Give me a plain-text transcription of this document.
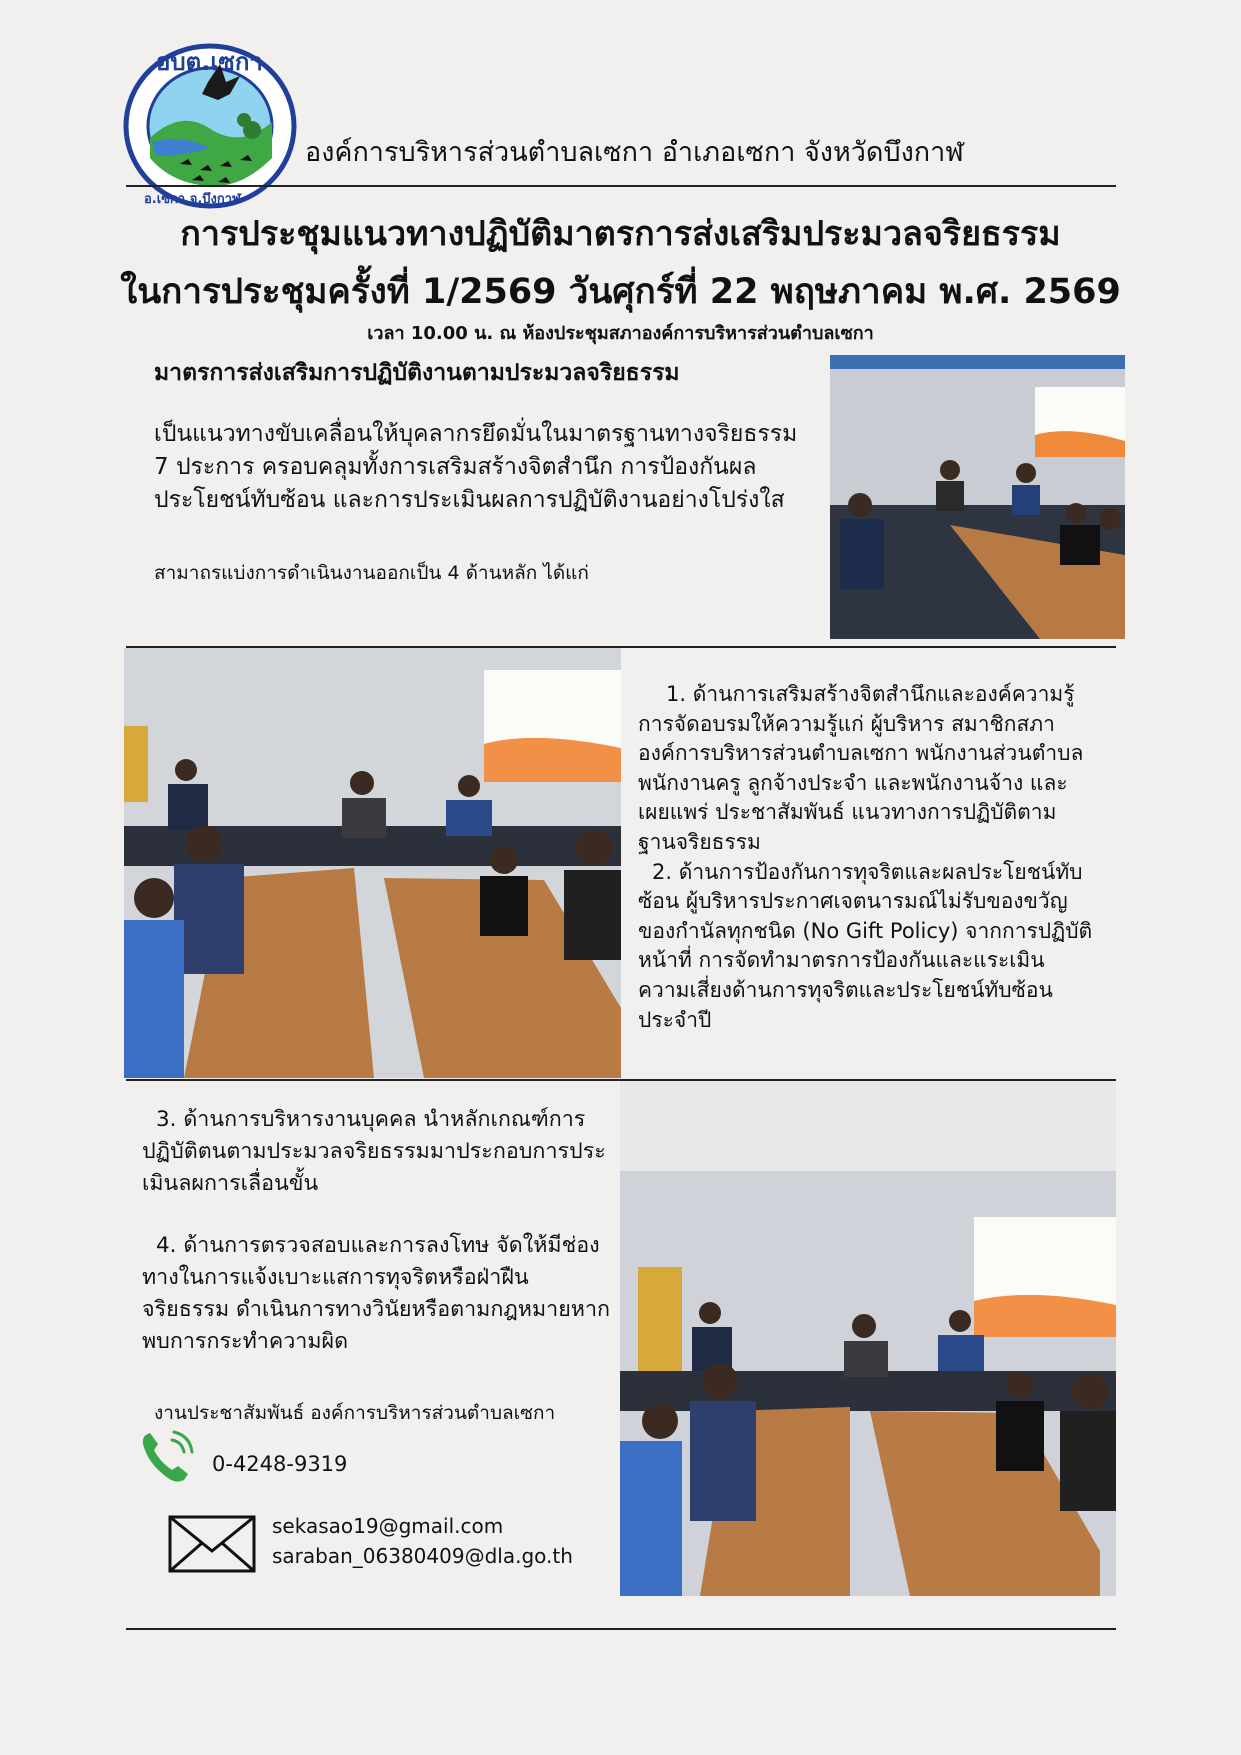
อบต.เซกา
อ.เซกา จ.บึงกาฬ
องค์การบริหารส่วนตำบลเซกา อำเภอเซกา จังหวัดบึงกาฬ
การประชุมแนวทางปฏิบัติมาตรการส่งเสริมประมวลจริยธรรม
ในการประชุมครั้งที่ 1/2569 วันศุกร์ที่ 22 พฤษภาคม พ.ศ. 2569
เวลา 10.00 น. ณ ห้องประชุมสภาองค์การบริหารส่วนตำบลเซกา
มาตรการส่งเสริมการปฏิบัติงานตามประมวลจริยธรรม
เป็นแนวทางขับเคลื่อนให้บุคลากรยึดมั่นในมาตรฐานทางจริยธรรม 7 ประการ ครอบคลุมทั้งการเสริมสร้างจิตสำนึก การป้องกันผลประโยชน์ทับซ้อน และการประเมินผลการปฏิบัติงานอย่างโปร่งใส
สามาถรแบ่งการดำเนินงานออกเป็น 4 ด้านหลัก ได้แก่
1. ด้านการเสริมสร้างจิตสำนึกและองค์ความรู้ การจัดอบรมให้ความรู้แก่ ผู้บริหาร สมาชิกสภาองค์การบริหารส่วนตำบลเซกา พนักงานส่วนตำบล พนักงานครู ลูกจ้างประจำ และพนักงานจ้าง และเผยแพร่ ประชาสัมพันธ์ แนวทางการปฏิบัติตามฐานจริยธรรม
2. ด้านการป้องกันการทุจริตและผลประโยชน์ทับซ้อน ผู้บริหารประกาศเจตนารมณ์ไม่รับของขวัญของกำนัลทุกชนิด (No Gift Policy) จากการปฏิบัติหน้าที่ การจัดทำมาตรการป้องกันและแระเมินความเสี่ยงด้านการทุจริตและประโยชน์ทับซ้อนประจำปี
3. ด้านการบริหารงานบุคคล นำหลักเกณฑ์การปฏิบัติตนตามประมวลจริยธรรมมาประกอบการประเมินลผการเลื่อนขั้น
4. ด้านการตรวจสอบและการลงโทษ จัดให้มีช่องทางในการแจ้งเบาะแสการทุจริตหรือฝ่าฝืนจริยธรรม ดำเนินการทางวินัยหรือตามกฎหมายหากพบการกระทำความผิด
งานประชาสัมพันธ์ องค์การบริหารส่วนตำบลเซกา
0-4248-9319
sekasao19@gmail.com
saraban_06380409@dla.go.th
